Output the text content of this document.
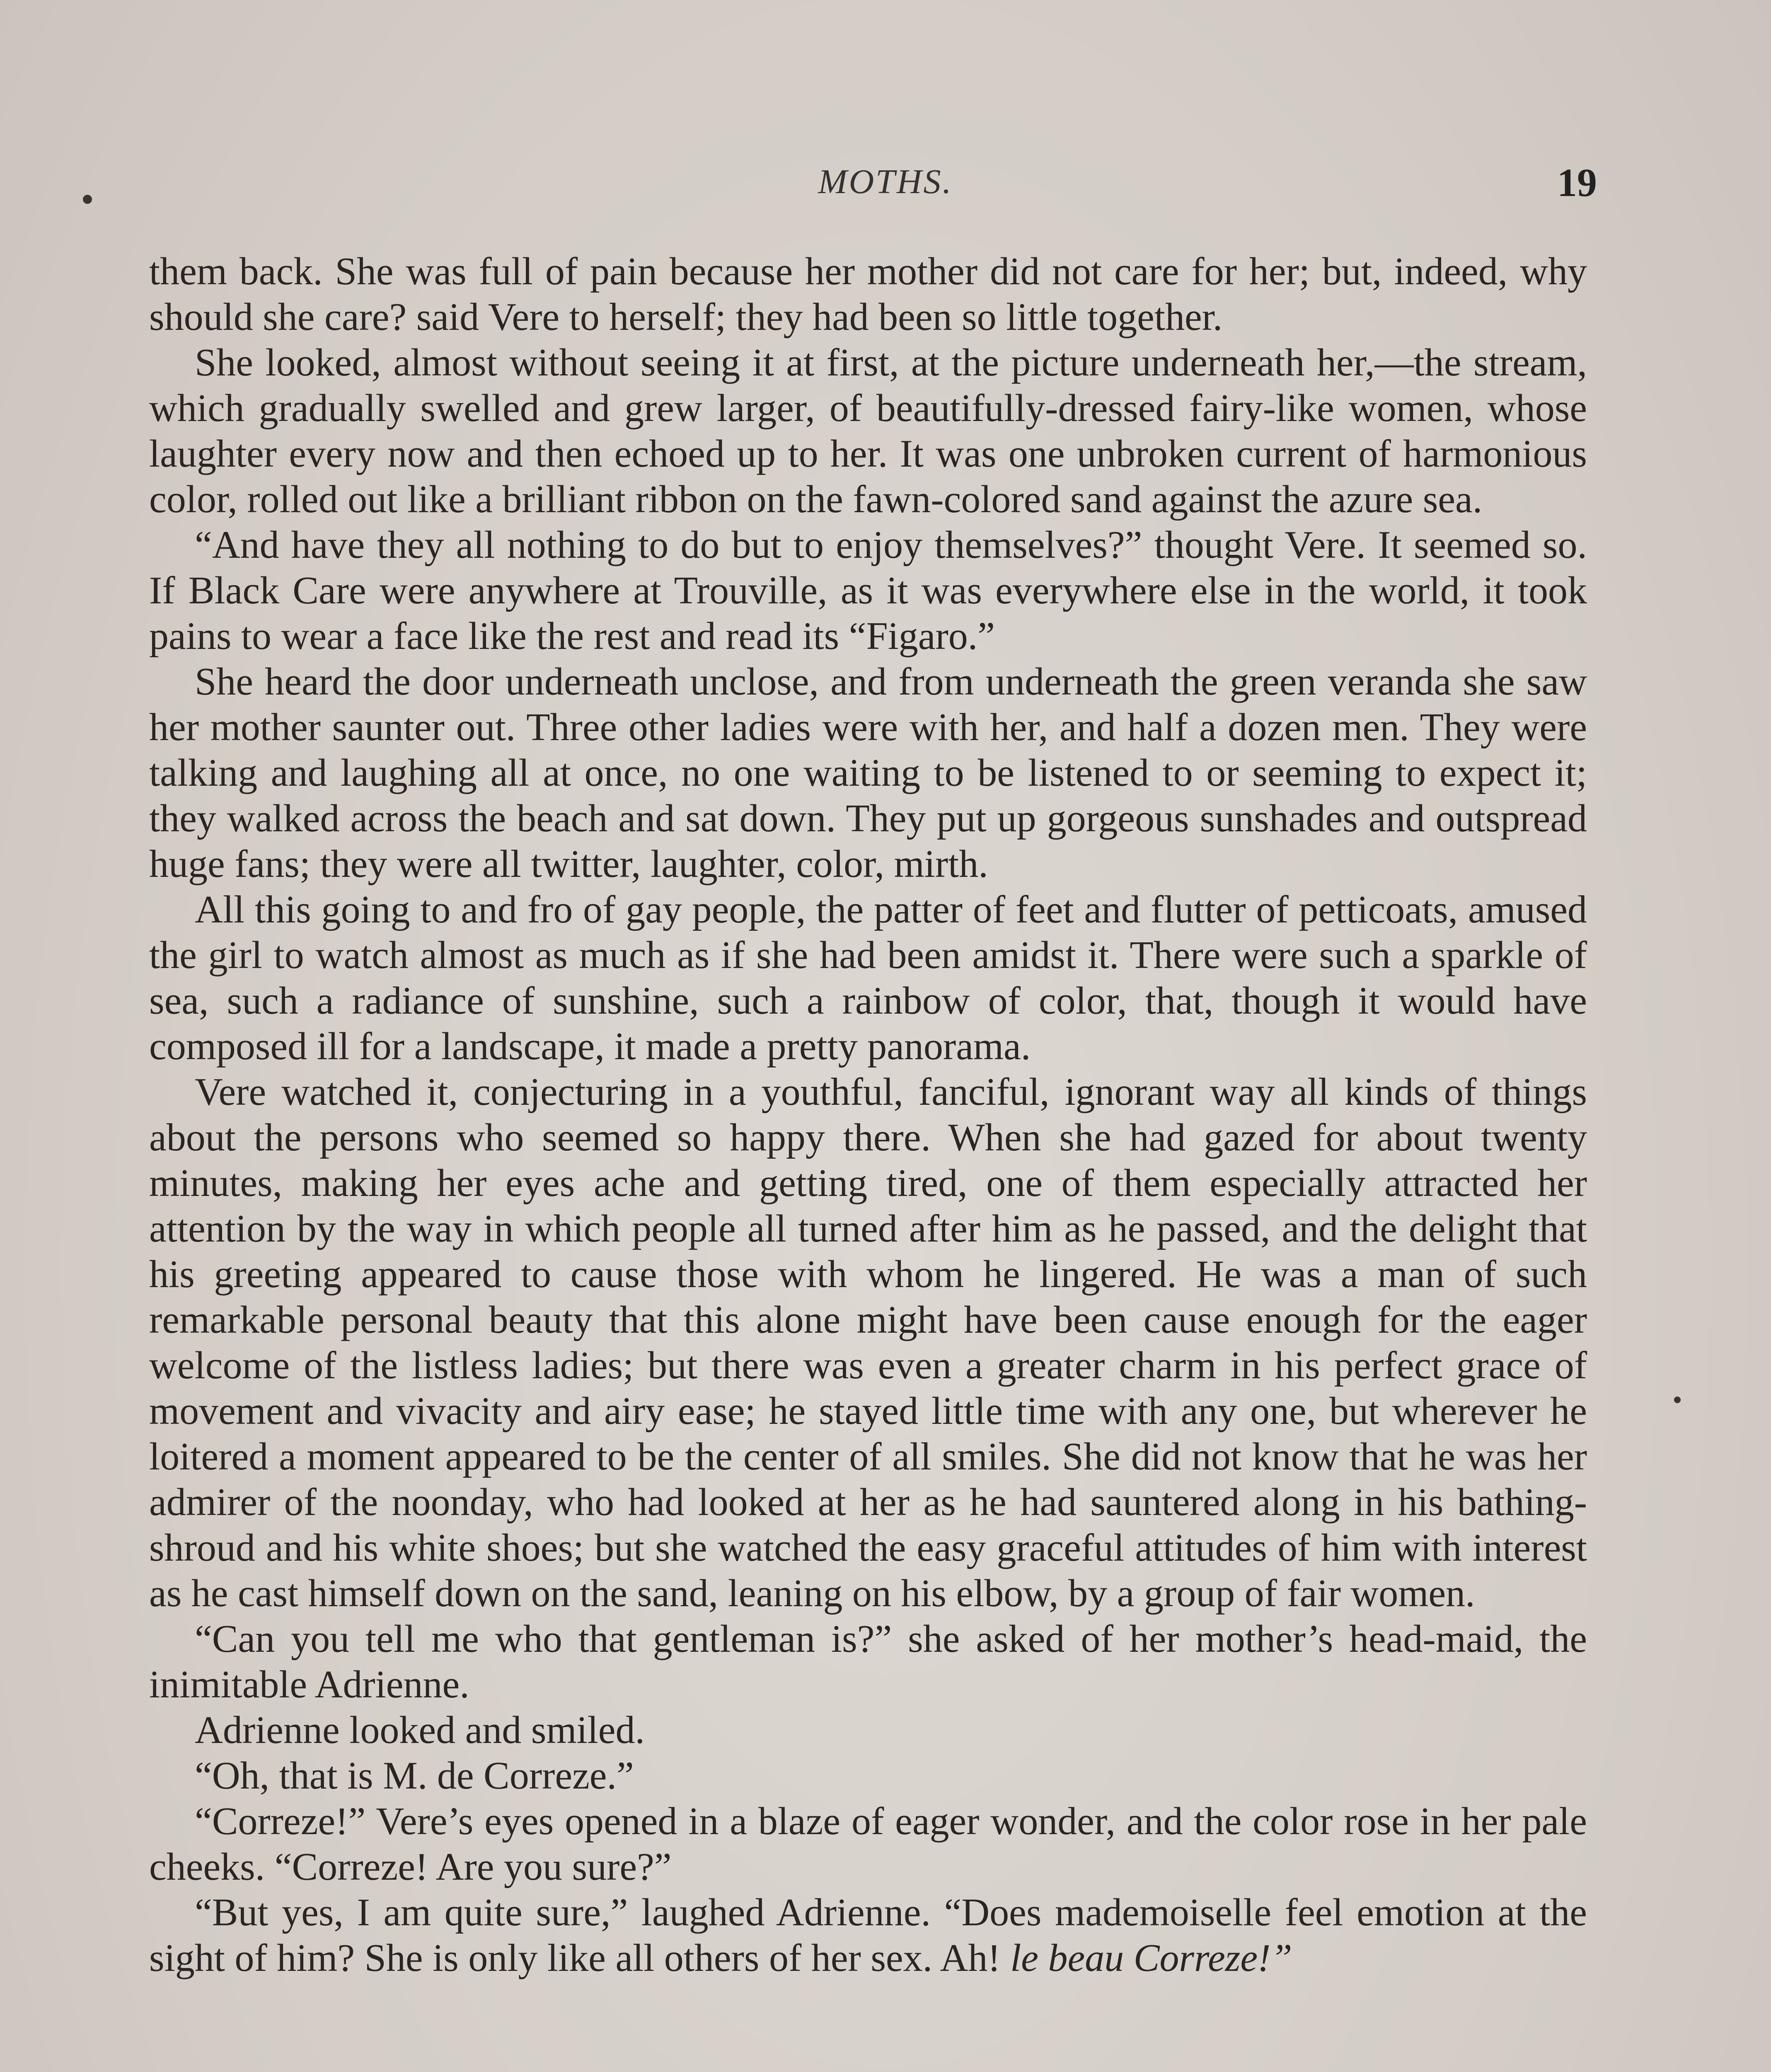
MOTHS.	19

them back. She was full of pain because her mother did not care for her; but, indeed, why should she care? said Vere to herself; they had been so little together.

She looked, almost without seeing it at first, at the picture underneath her,—the stream, which gradually swelled and grew larger, of beautifully-dressed fairy-like women, whose laughter every now and then echoed up to her. It was one unbroken current of harmonious color, rolled out like a brilliant ribbon on the fawn-colored sand against the azure sea.

“And have they all nothing to do but to enjoy themselves?” thought Vere. It seemed so. If Black Care were anywhere at Trouville, as it was everywhere else in the world, it took pains to wear a face like the rest and read its “Figaro.”

She heard the door underneath unclose, and from underneath the green veranda she saw her mother saunter out. Three other ladies were with her, and half a dozen men. They were talking and laughing all at once, no one waiting to be listened to or seeming to expect it; they walked across the beach and sat down. They put up gorgeous sunshades and outspread huge fans; they were all twitter, laughter, color, mirth.

All this going to and fro of gay people, the patter of feet and flutter of petticoats, amused the girl to watch almost as much as if she had been amidst it. There were such a sparkle of sea, such a radiance of sunshine, such a rainbow of color, that, though it would have composed ill for a landscape, it made a pretty panorama.

Vere watched it, conjecturing in a youthful, fanciful, ignorant way all kinds of things about the persons who seemed so happy there. When she had gazed for about twenty minutes, making her eyes ache and getting tired, one of them especially attracted her attention by the way in which people all turned after him as he passed, and the delight that his greeting appeared to cause those with whom he lingered. He was a man of such remarkable personal beauty that this alone might have been cause enough for the eager welcome of the listless ladies; but there was even a greater charm in his perfect grace of movement and vivacity and airy ease; he stayed little time with any one, but wherever he loitered a moment appeared to be the center of all smiles. She did not know that he was her admirer of the noonday, who had looked at her as he had sauntered along in his bathing-shroud and his white shoes; but she watched the easy graceful attitudes of him with interest as he cast himself down on the sand, leaning on his elbow, by a group of fair women.

“Can you tell me who that gentleman is?” she asked of her mother’s head-maid, the inimitable Adrienne.

Adrienne looked and smiled.

“Oh, that is M. de Correze.”

“Correze!” Vere’s eyes opened in a blaze of eager wonder, and the color rose in her pale cheeks. “Correze! Are you sure?”

“But yes, I am quite sure,” laughed Adrienne. “Does mademoiselle feel emotion at the sight of him? She is only like all others of her sex. Ah! le beau Correze!”
